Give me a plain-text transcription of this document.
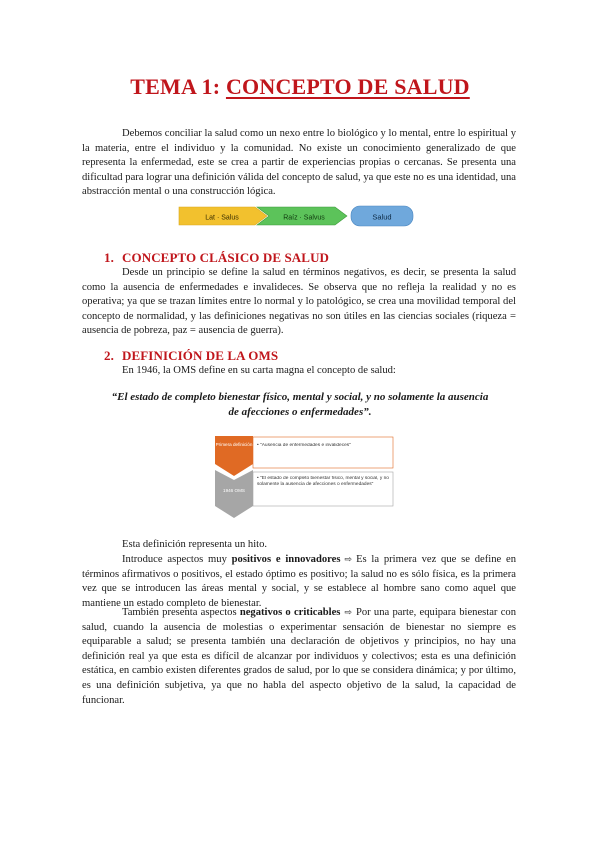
TEMA 1: CONCEPTO DE SALUD

Debemos conciliar la salud como un nexo entre lo biológico y lo mental, entre lo espiritual y la materia, entre el individuo y la comunidad. No existe un conocimiento generalizado de que representa la enfermedad, este se crea a partir de experiencias propias o cercanas. Se presenta una dificultad para lograr una definición válida del concepto de salud, ya que este no es una identidad, una abstracción mental o una construcción lógica.

Lat · Salus	Raíz · Salvus	Salud
1. CONCEPTO CLÁSICO DE SALUD

Desde un principio se define la salud en términos negativos, es decir, se presenta la salud como la ausencia de enfermedades e invalideces. Se observa que no refleja la realidad y no es operativa; ya que se trazan límites entre lo normal y lo patológico, se crea una movilidad temporal del concepto de normalidad, y las definiciones negativas no son útiles en las ciencias sociales (riqueza = ausencia de pobreza, paz = ausencia de guerra).

2. DEFINICIÓN DE LA OMS

En 1946, la OMS define en su carta magna el concepto de salud:

“El estado de completo bienestar físico, mental y social, y no solamente la ausencia de afecciones o enfermedades”.

Primera definición • "Ausencia de enfermedades e invalideces"
1946 OMS
• "El estado de completo bienestar físico, mental y social, y no solamente la ausencia de afecciones o enfermedades"

Esta definición representa un hito.

Introduce aspectos muy positivos e innovadores ⇨ Es la primera vez que se define en términos afirmativos o positivos, el estado óptimo es positivo; la salud no es sólo física, es la primera vez que se introducen las áreas mental y social, y se establece al hombre sano como aquel que mantiene un estado completo de bienestar.

También presenta aspectos negativos o criticables ⇨ Por una parte, equipara bienestar con salud, cuando la ausencia de molestias o experimentar sensación de bienestar no siempre es equiparable a salud; se presenta también una declaración de objetivos y principios, no hay una definición real ya que esta es difícil de alcanzar por individuos y colectivos; esta es una definición estática, en cambio existen diferentes grados de salud, por lo que se considera dinámica; y por último, es una definición subjetiva, ya que no habla del aspecto objetivo de la salud, la capacidad de funcionar.
